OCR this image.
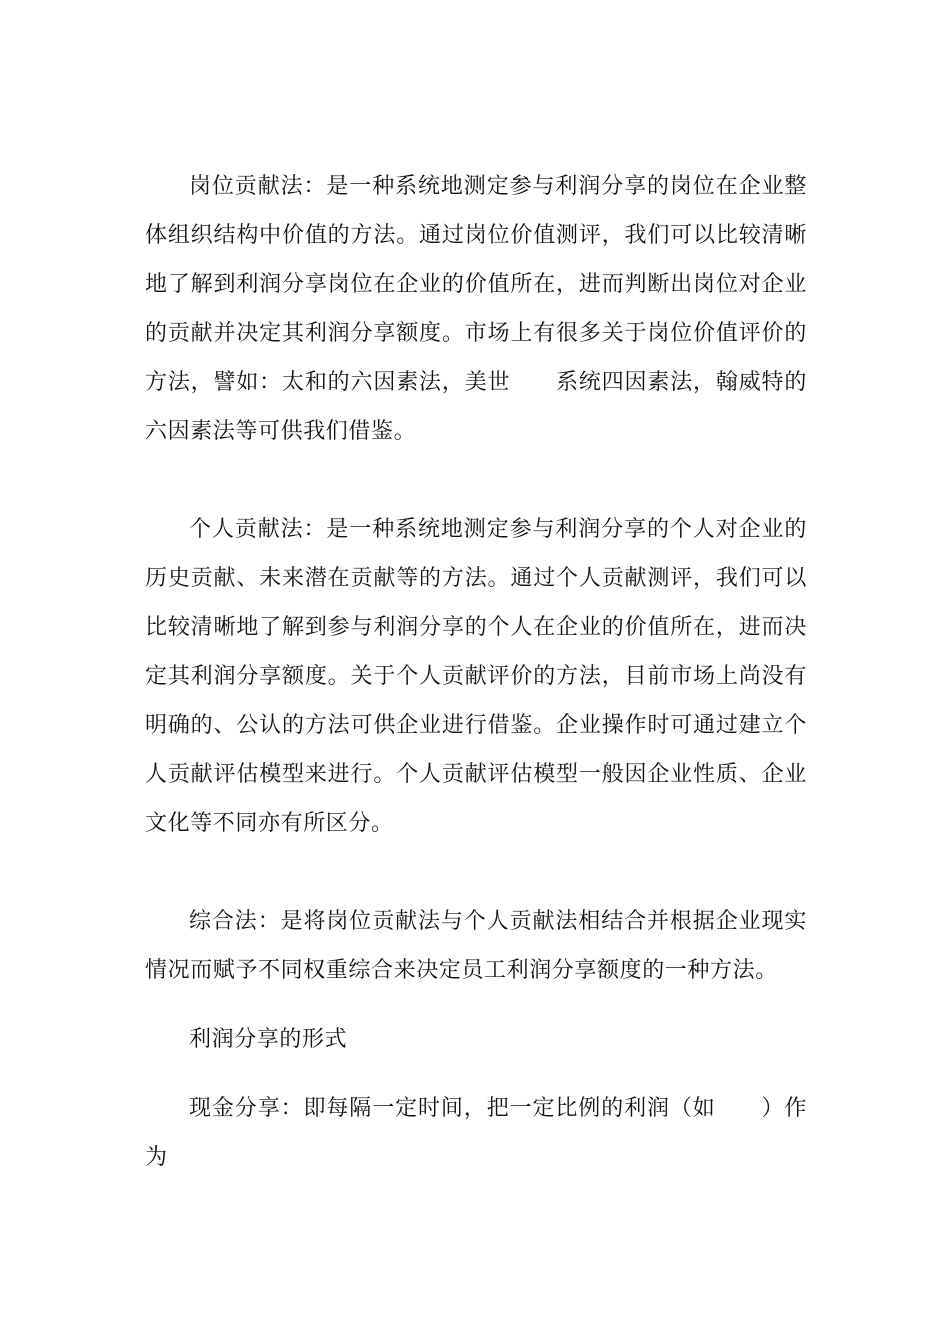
岗位贡献法：是一种系统地测定参与利润分享的岗位在企业整体组织结构中价值的方法。通过岗位价值测评，我们可以比较清晰地了解到利润分享岗位在企业的价值所在，进而判断出岗位对企业的贡献并决定其利润分享额度。市场上有很多关于岗位价值评价的方法，譬如：太和的六因素法，美世　　系统四因素法，翰威特的六因素法等可供我们借鉴。

个人贡献法：是一种系统地测定参与利润分享的个人对企业的历史贡献、未来潜在贡献等的方法。通过个人贡献测评，我们可以比较清晰地了解到参与利润分享的个人在企业的价值所在，进而决定其利润分享额度。关于个人贡献评价的方法，目前市场上尚没有明确的、公认的方法可供企业进行借鉴。企业操作时可通过建立个人贡献评估模型来进行。个人贡献评估模型一般因企业性质、企业文化等不同亦有所区分。

综合法：是将岗位贡献法与个人贡献法相结合并根据企业现实情况而赋予不同权重综合来决定员工利润分享额度的一种方法。

利润分享的形式

现金分享：即每隔一定时间，把一定比例的利润（如　　）作为
